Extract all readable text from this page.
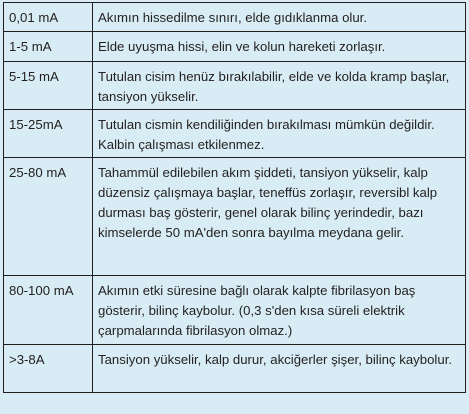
0,01 mA	Akımın hissedilme sınırı, elde gıdıklanma olur.
1-5 mA	Elde uyuşma hissi, elin ve kolun hareketi zorlaşır.
5-15 mA	Tutulan cisim henüz bırakılabilir, elde ve kolda kramp başlar, tansiyon yükselir.
15-25mA	Tutulan cismin kendiliğinden bırakılması mümkün değildir. Kalbin çalışması etkilenmez.
25-80 mA	Tahammül edilebilen akım şiddeti, tansiyon yükselir, kalp düzensiz çalışmaya başlar, teneffüs zorlaşır, reversibl kalp durması baş gösterir, genel olarak bilinç yerindedir, bazı kimselerde 50 mA'den sonra bayılma meydana gelir.
80-100 mA	Akımın etki süresine bağlı olarak kalpte fibrilasyon baş gösterir, bilinç kaybolur. (0,3 s'den kısa süreli elektrik çarpmalarında fibrilasyon olmaz.)
>3-8A	Tansiyon yükselir, kalp durur, akciğerler şişer, bilinç kaybolur.
